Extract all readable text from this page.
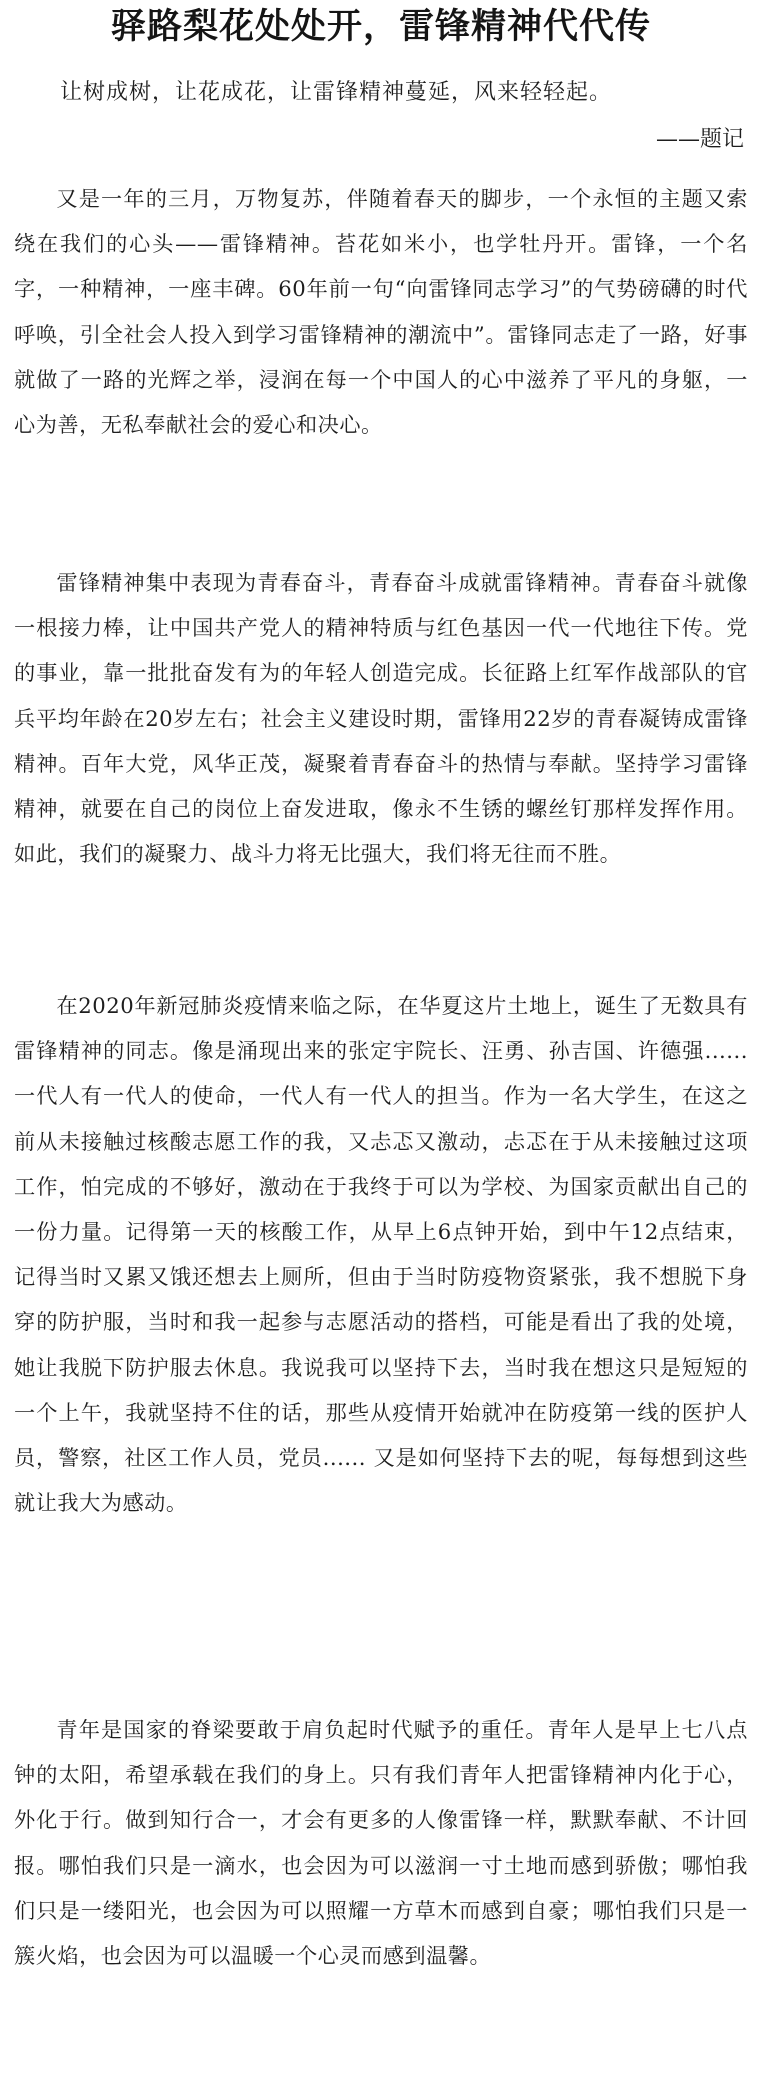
驿路梨花处处开，雷锋精神代代传

让树成树，让花成花，让雷锋精神蔓延，风来轻轻起。

——题记

又是一年的三月，万物复苏，伴随着春天的脚步，一个永恒的主题又索绕在我们的心头——雷锋精神。苔花如米小，也学牡丹开。雷锋，一个名字，一种精神，一座丰碑。60年前一句“向雷锋同志学习”的气势磅礴的时代呼唤，引全社会人投入到学习雷锋精神的潮流中”。雷锋同志走了一路，好事就做了一路的光辉之举，浸润在每一个中国人的心中滋养了平凡的身躯，一心为善，无私奉献社会的爱心和决心。

雷锋精神集中表现为青春奋斗，青春奋斗成就雷锋精神。青春奋斗就像一根接力棒，让中国共产党人的精神特质与红色基因一代一代地往下传。党的事业，靠一批批奋发有为的年轻人创造完成。长征路上红军作战部队的官兵平均年龄在20岁左右；社会主义建设时期，雷锋用22岁的青春凝铸成雷锋精神。百年大党，风华正茂，凝聚着青春奋斗的热情与奉献。坚持学习雷锋精神，就要在自己的岗位上奋发进取，像永不生锈的螺丝钉那样发挥作用。如此，我们的凝聚力、战斗力将无比强大，我们将无往而不胜。

在2020年新冠肺炎疫情来临之际，在华夏这片土地上，诞生了无数具有雷锋精神的同志。像是涌现出来的张定宇院长、汪勇、孙吉国、许德强......一代人有一代人的使命，一代人有一代人的担当。作为一名大学生，在这之前从未接触过核酸志愿工作的我，又忐忑又激动，忐忑在于从未接触过这项工作，怕完成的不够好，激动在于我终于可以为学校、为国家贡献出自己的一份力量。记得第一天的核酸工作，从早上6点钟开始，到中午12点结束，记得当时又累又饿还想去上厕所，但由于当时防疫物资紧张，我不想脱下身穿的防护服，当时和我一起参与志愿活动的搭档，可能是看出了我的处境，她让我脱下防护服去休息。我说我可以坚持下去，当时我在想这只是短短的一个上午，我就坚持不住的话，那些从疫情开始就冲在防疫第一线的医护人员，警察，社区工作人员，党员...... 又是如何坚持下去的呢，每每想到这些就让我大为感动。

青年是国家的脊梁要敢于肩负起时代赋予的重任。青年人是早上七八点钟的太阳，希望承载在我们的身上。只有我们青年人把雷锋精神内化于心，外化于行。做到知行合一，才会有更多的人像雷锋一样，默默奉献、不计回报。哪怕我们只是一滴水，也会因为可以滋润一寸土地而感到骄傲；哪怕我们只是一缕阳光，也会因为可以照耀一方草木而感到自豪；哪怕我们只是一簇火焰，也会因为可以温暖一个心灵而感到温馨。
